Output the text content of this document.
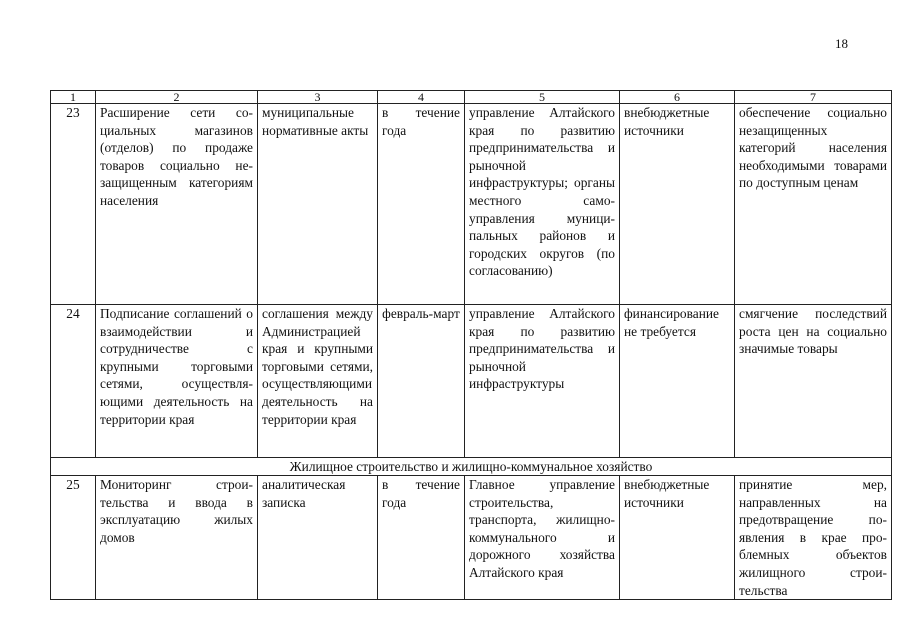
18
1	2	3	4	5	6	7
23	Расширение сети социальных магазинов (отделов) по продаже товаров социально незащищенным категориям населения	муниципальные нормативные акты	в течение года	управление Алтайского края по развитию предпринимательства и рыночной инфраструктуры; органы местного самоуправления муниципальных районов и городских округов (по согласованию)	внебюджетные источники	обеспечение социально незащищенных категорий населения необходимыми товарами по доступным ценам
24	Подписание соглашений о взаимодействии и сотрудничестве с крупными торговыми сетями, осуществляющими деятельность на территории края	соглашения между Администрацией края и крупными торговыми сетями, осуществляющими деятельность на территории края	февраль-март	управление Алтайского края по развитию предпринимательства и рыночной инфраструктуры	финансирование не требуется	смягчение последствий роста цен на социально значимые товары
Жилищное строительство и жилищно-коммунальное хозяйство						
25	Мониторинг строительства и ввода в эксплуатацию жилых домов	аналитическая записка	в течение года	Главное управление строительства, транспорта, жилищно-коммунального и дорожного хозяйства Алтайского края	внебюджетные источники	принятие мер, направленных на предотвращение появления в крае проблемных объектов жилищного строительства
